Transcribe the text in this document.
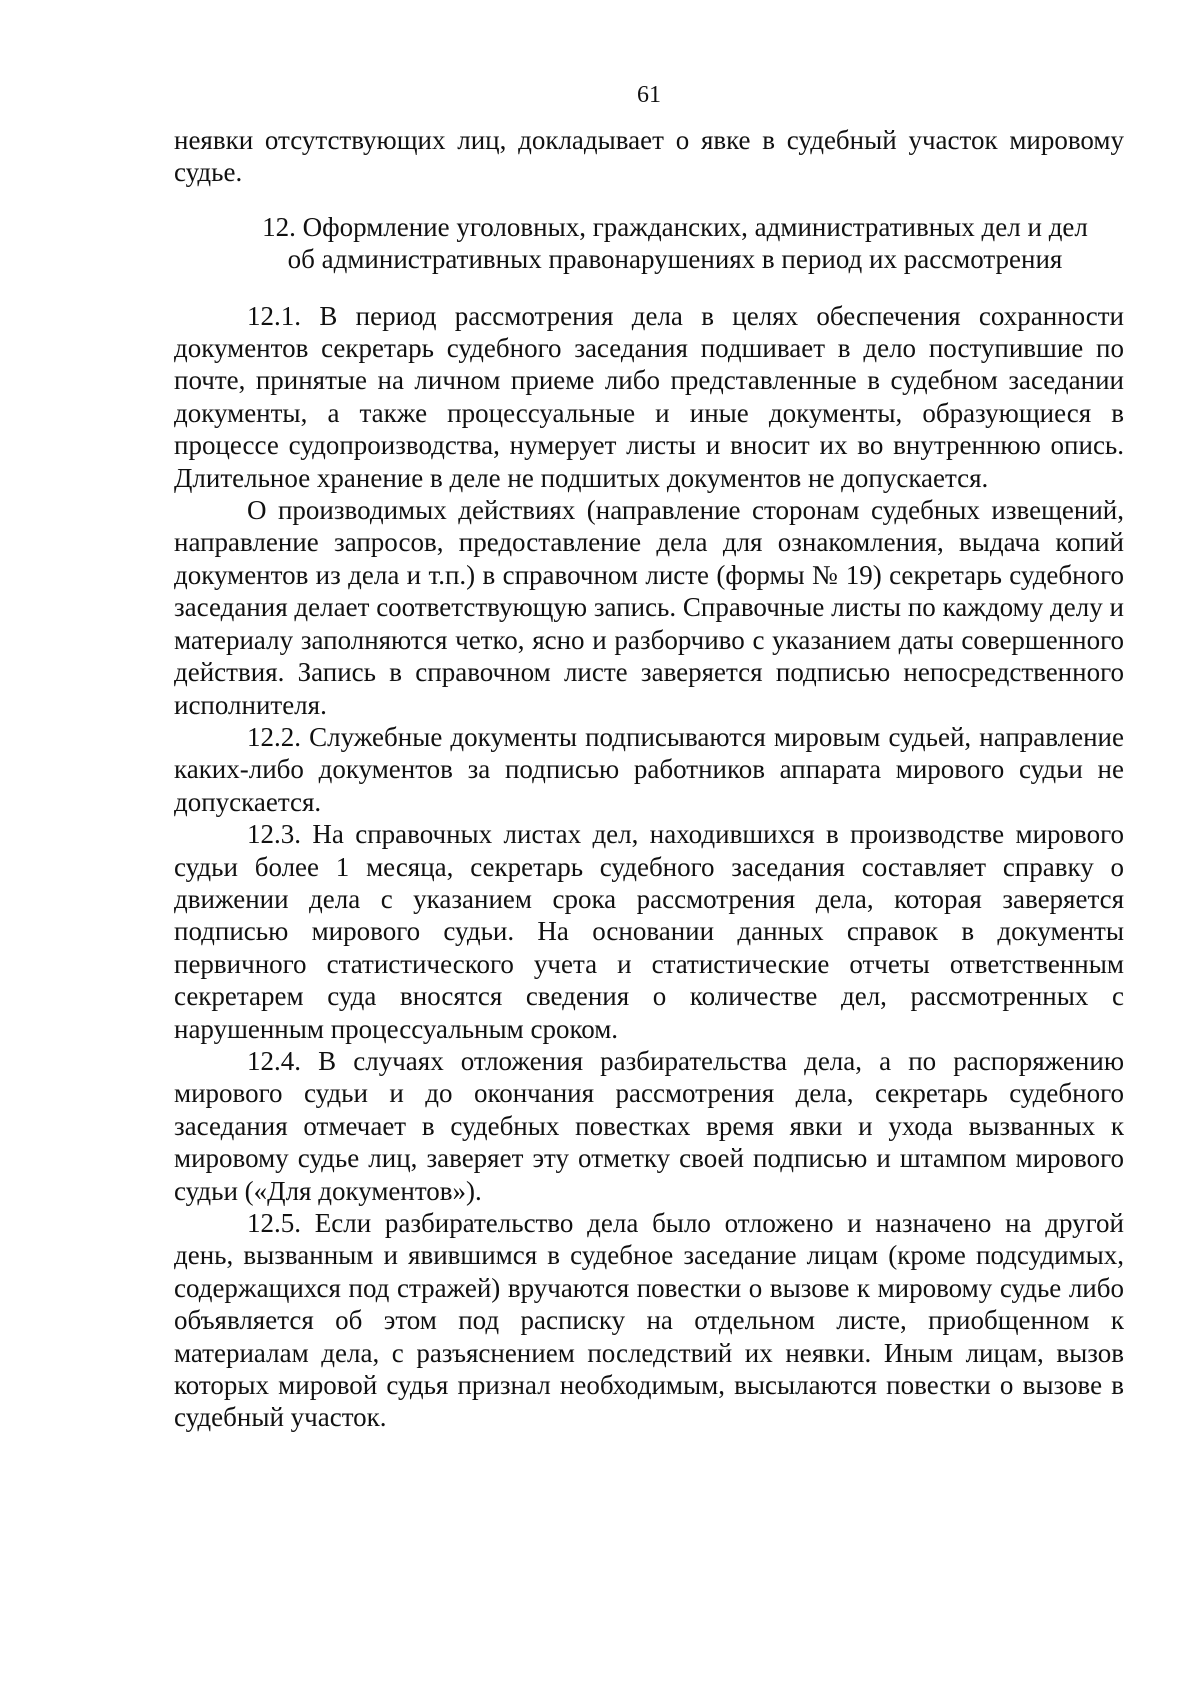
61

неявки отсутствующих лиц, докладывает о явке в судебный участок мировому судье.

12. Оформление уголовных, гражданских, административных дел и дел
об административных правонарушениях в период их рассмотрения

12.1. В период рассмотрения дела в целях обеспечения сохранности документов секретарь судебного заседания подшивает в дело поступившие по почте, принятые на личном приеме либо представленные в судебном заседании документы, а также процессуальные и иные документы, образующиеся в процессе судопроизводства, нумерует листы и вносит их во внутреннюю опись. Длительное хранение в деле не подшитых документов не допускается.

О производимых действиях (направление сторонам судебных извещений, направление запросов, предоставление дела для ознакомления, выдача копий документов из дела и т.п.) в справочном листе (формы № 19) секретарь судебного заседания делает соответствующую запись. Справочные листы по каждому делу и материалу заполняются четко, ясно и разборчиво с указанием даты совершенного действия. Запись в справочном листе заверяется подписью непосредственного исполнителя.

12.2. Служебные документы подписываются мировым судьей, направление каких-либо документов за подписью работников аппарата мирового судьи не допускается.

12.3. На справочных листах дел, находившихся в производстве мирового судьи более 1 месяца, секретарь судебного заседания составляет справку о движении дела с указанием срока рассмотрения дела, которая заверяется подписью мирового судьи. На основании данных справок в документы первичного статистического учета и статистические отчеты ответственным секретарем суда вносятся сведения о количестве дел, рассмотренных с нарушенным процессуальным сроком.

12.4. В случаях отложения разбирательства дела, а по распоряжению мирового судьи и до окончания рассмотрения дела, секретарь судебного заседания отмечает в судебных повестках время явки и ухода вызванных к мировому судье лиц, заверяет эту отметку своей подписью и штампом мирового судьи («Для документов»).

12.5. Если разбирательство дела было отложено и назначено на другой день, вызванным и явившимся в судебное заседание лицам (кроме подсудимых, содержащихся под стражей) вручаются повестки о вызове к мировому судье либо объявляется об этом под расписку на отдельном листе, приобщенном к материалам дела, с разъяснением последствий их неявки. Иным лицам, вызов которых мировой судья признал необходимым, высылаются повестки о вызове в судебный участок.
